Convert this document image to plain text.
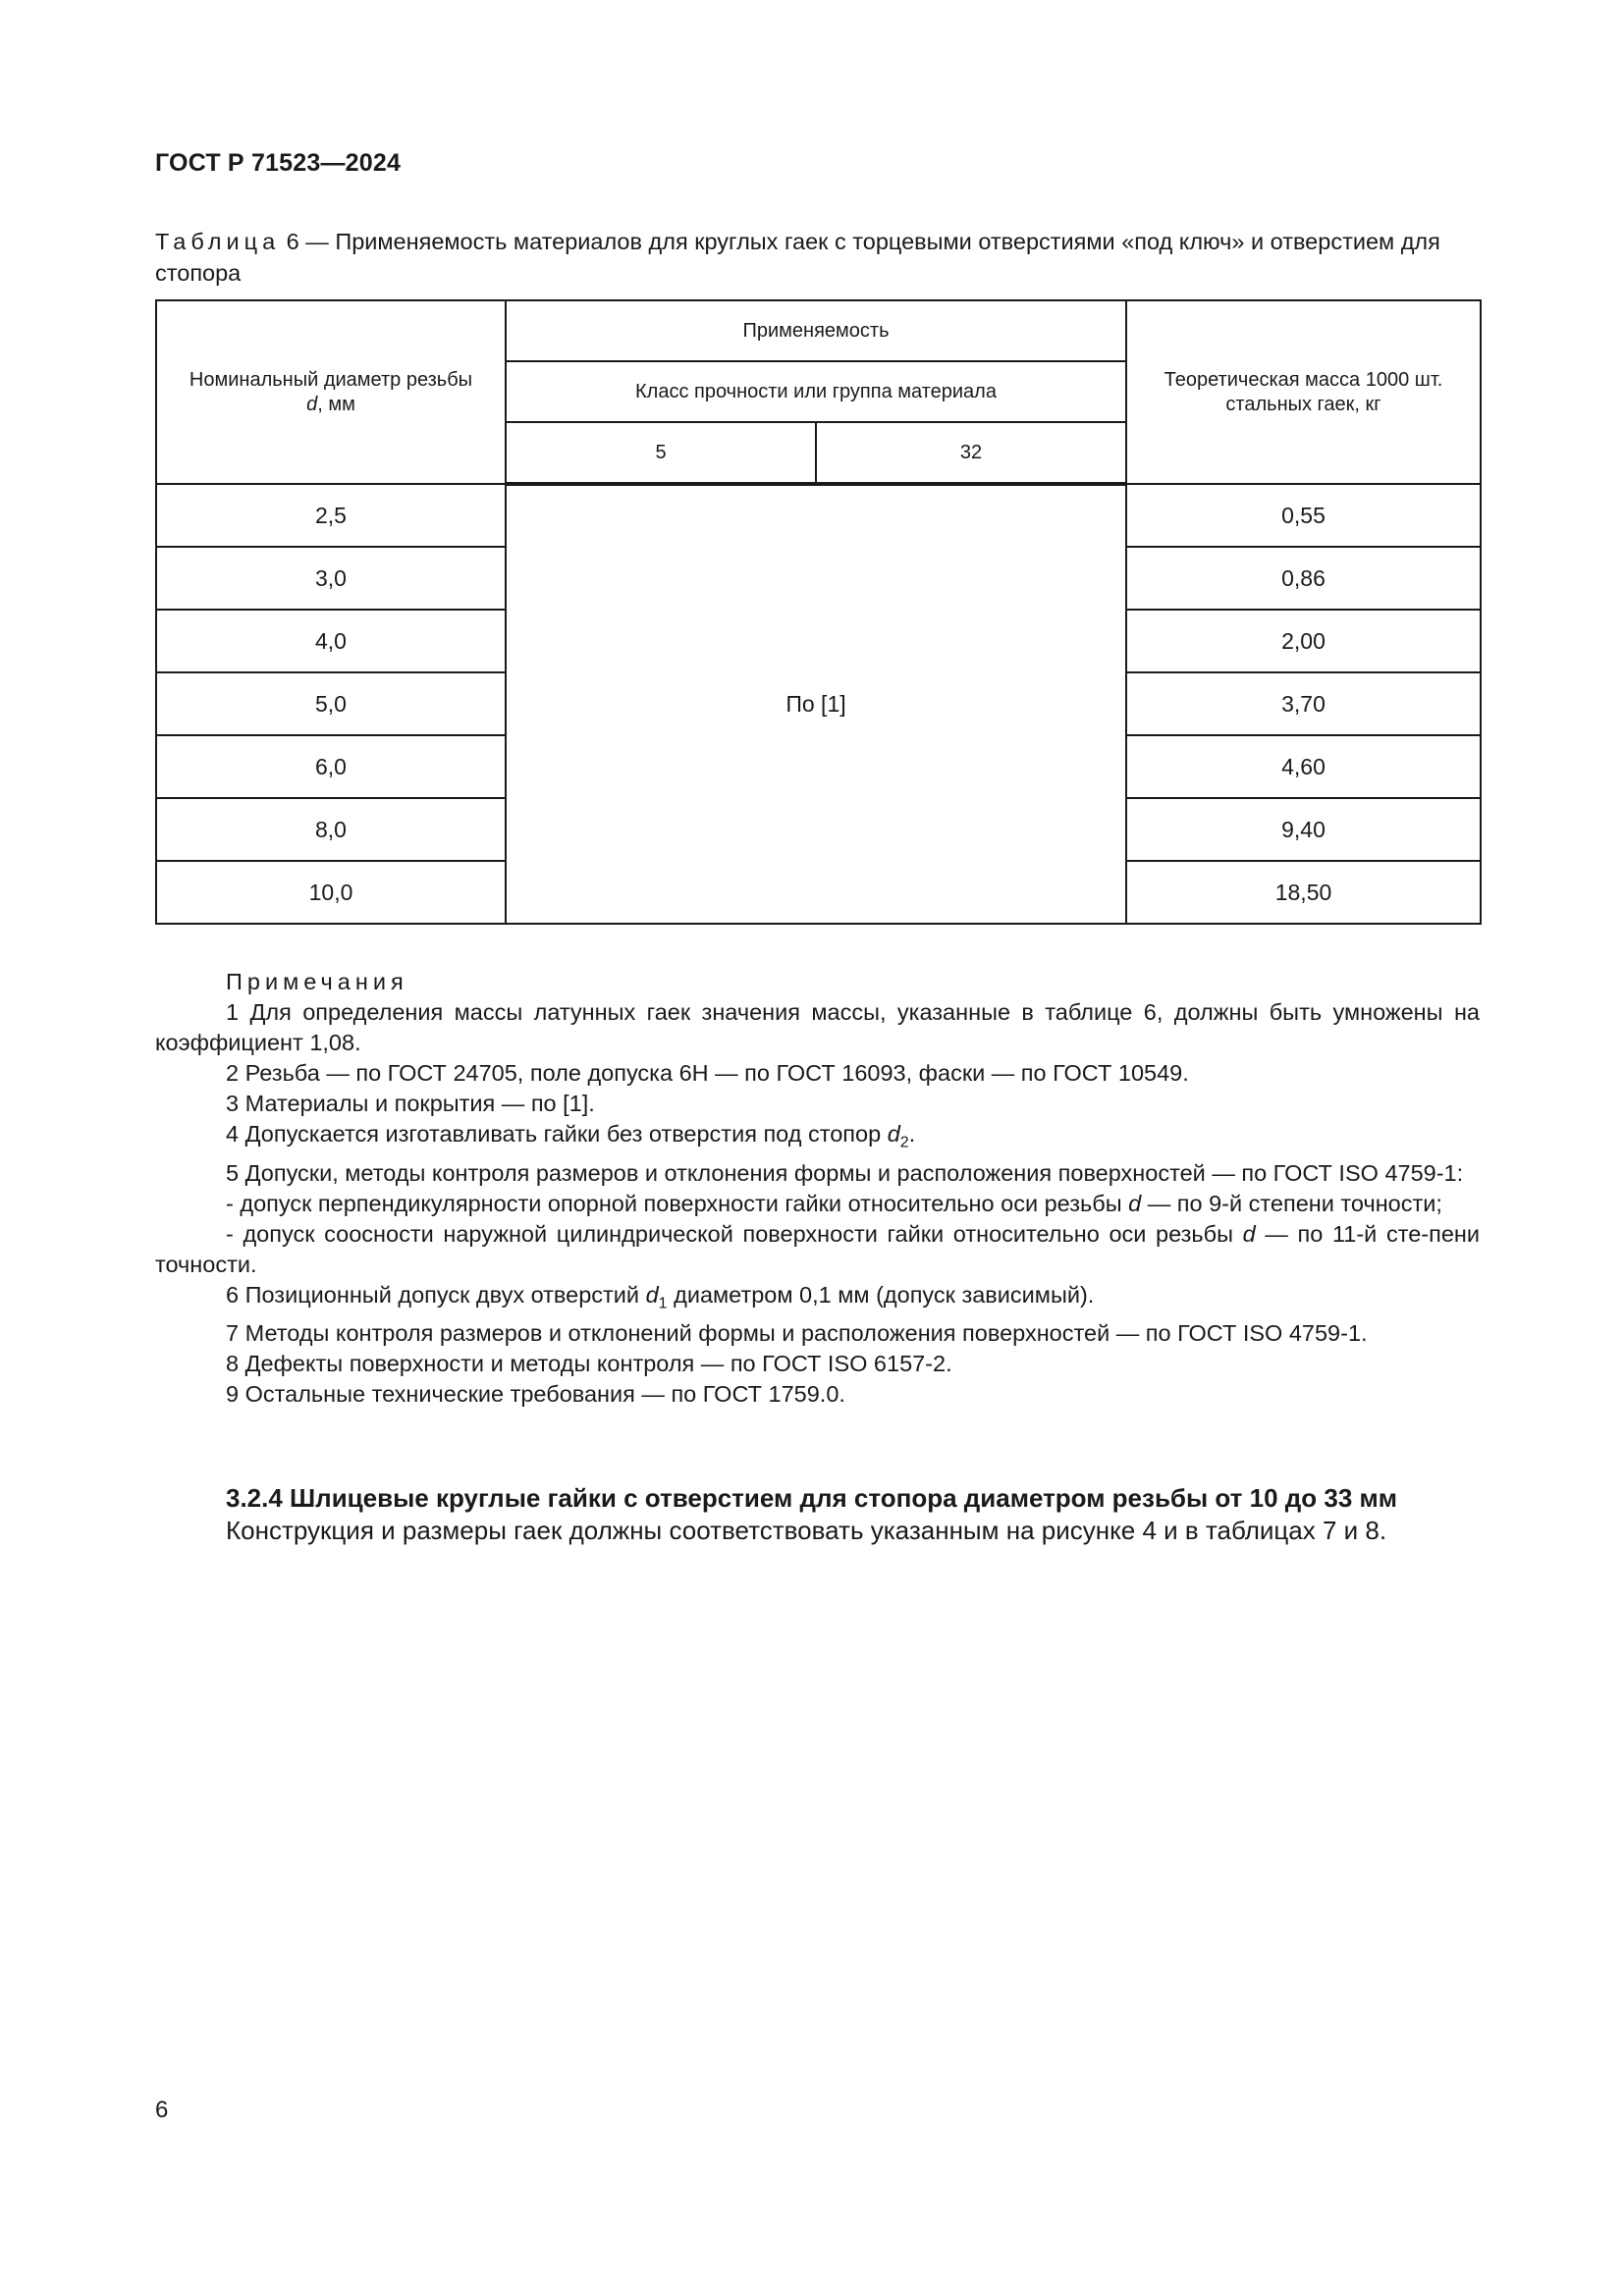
ГОСТ Р 71523—2024
Таблица 6 — Применяемость материалов для круглых гаек с торцевыми отверстиями «под ключ» и отверстием для стопора
Номинальный диаметр резьбы
d, мм	Применяемость		Теоретическая масса 1000 шт. стальных гаек, кг
	Класс прочности или группа материала		
	5	32	
2,5	По [1]		0,55
3,0			0,86
4,0			2,00
5,0			3,70
6,0			4,60
8,0			9,40
10,0			18,50

Примечания

1 Для определения массы латунных гаек значения массы, указанные в таблице 6, должны быть умножены на коэффициент 1,08.

2 Резьба — по ГОСТ 24705, поле допуска 6H — по ГОСТ 16093, фаски — по ГОСТ 10549.

3 Материалы и покрытия — по [1].

4 Допускается изготавливать гайки без отверстия под стопор $d_2$.

5 Допуски, методы контроля размеров и отклонения формы и расположения поверхностей — по ГОСТ ISO 4759-1:

- допуск перпендикулярности опорной поверхности гайки относительно оси резьбы d — по 9-й степени точности;

- допуск соосности наружной цилиндрической поверхности гайки относительно оси резьбы d — по 11-й сте-пени точности.

6 Позиционный допуск двух отверстий $d_1$ диаметром 0,1 мм (допуск зависимый).

7 Методы контроля размеров и отклонений формы и расположения поверхностей — по ГОСТ ISO 4759-1.

8 Дефекты поверхности и методы контроля — по ГОСТ ISO 6157-2.

9 Остальные технические требования — по ГОСТ 1759.0.

3.2.4 Шлицевые круглые гайки с отверстием для стопора диаметром резьбы от 10 до 33 мм

Конструкция и размеры гаек должны соответствовать указанным на рисунке 4 и в таблицах 7 и 8.

6
